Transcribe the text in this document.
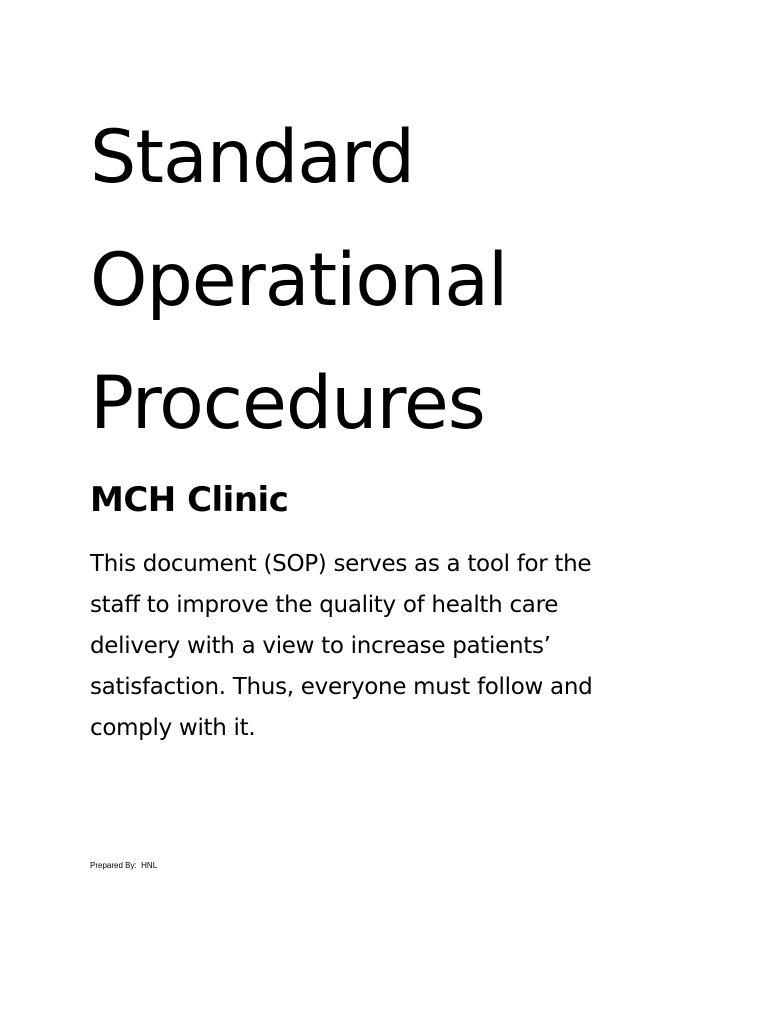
Standard
Operational
Procedures
MCH Clinic

This document (SOP) serves as a tool for the
staff to improve the quality of health care
delivery with a view to increase patients’
satisfaction. Thus, everyone must follow and
comply with it.

Prepared By:  HNL
